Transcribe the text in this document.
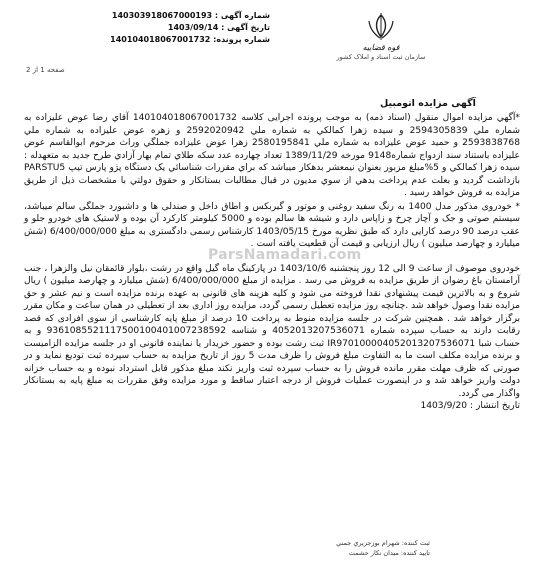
شماره آگهی : 140303918067000193
تاریخ آگهی : 1403/09/14
شماره پرونده: 140104018067001732
قوه قضاییه
سازمان ثبت اسناد و املاک کشور
صفحه 1 از 2
آگهی مزایده اتومبیل
ParsNamadari.com

*آگهي مزايده اموال منقول (اسناد ذمه) به موجب پرونده اجرایی کلاسه 140104018067001732 آقاي رضا عوض عليزاده به شماره ملي 2594305839 و سيده زهرا كمالكي به شماره ملي 2592020942 و زهره عوض عليزاده به شماره ملي 2593838768 و حميد عوض عليزاده به شماره ملي 2580195841 زهرا عوض عليزاده جملگي وراث مرحوم ابوالقاسم عوض عليزاده باستناد سند ازدواج شماره9148 مورخه 1389/11/29 تعداد چهارده عدد سكه طلاي تمام بهار آزادي طرح جديد به متعهدله : سيده زهرا كمالكي و 5%مبلغ مزبور بعنوان نيمعشر بدهكار ميباشد كه براي مقررات شناسائي يک دستگاه پژو پارس تیپ PARSTU5 بازداشت گرديد و بعلت عدم پرداخت بدهي از سوي مديون در قبال مطالبات بستانكار و حقوق دولتي با مشخصات ذيل از طريق مزايده به فروش خواهد رسيد .

* خودروی مذکور مدل 1400 به رنگ سفید روغنی و موتور و گیربکس و اطاق داخل و صندلی ها و داشبورد جملگی سالم میباشد، سیستم صوتی و جک و آچار چرخ و زاپاس دارد و شیشه ها سالم بوده و 5000 کیلومتر کارکرد آن بوده و لاستیک های خودرو جلو و عقب درصد 90 درصد کارایی دارد که طبق نظریه مورخ 1403/05/15 کارشناس رسمی دادگستری به مبلغ 6/400/000/000 (شش میلیارد و چهارصد میلیون ) ریال ارزیابی و قیمت آن قطعیت یافته است .

خودروی موصوف از ساعت 9 الی 12 روز پنجشنبه 1403/10/6 در پارکینگ ماه گیل واقع در رشت ،بلوار قائمقان نیل والزهرا ، جنب آرامستان باغ رضوان از طریق مزایده به فروش می رسد . مزایده از مبلغ 6/400/000/000 (شش میلیارد و چهارصد میلیون ) ریال شروع و به بالاترین قیمت پیشنهادی نقدا فروخته می شود و کلیه هزینه های قانونی به عهده برنده مزایده است و نیم عشر و حق مزایده نقدا وصول خواهد شد .چنانچه روز مزایده تعطیل رسمی گردد، مزایده روز اداری بعد از تعطیلی در همان ساعت و مکان مقرر برگزار خواهد شد . همچنین شرکت در جلسه مزایده منوط به پرداخت 10 درصد از مبلغ پایه کارشناسی از سوی افرادی که قصد رقابت دارند به حساب سپرده شماره 4052013207536071 و شناسه 9361085521117500100401007238592 و به حساب شبا IR970100004052013207536071 ثبت رشت بوده و حضور خریدار یا نماینده قانونی او در جلسه مزایده الزامیست و برنده مزایده مکلف است ما به التفاوت مبلغ فروش را ظرف مدت 5 روز از تاریخ مزایده به حساب سپرده ثبت تودیع نماید و در صورتی که ظرف مهلت مقرر مانده فروش را به حساب سپرده ثبت واریز نکند مبلغ مذکور قابل استرداد نبوده و به حساب خزانه دولت واریز خواهد شد و در اینصورت عملیات فروش از درجه اعتبار ساقط و مورد مزایده وفق مقررات به مبلغ پایه به بستانکار واگذار می گردد.

تاریخ انتشار : 1403/9/20

ثبت کننده: شهرام بوزجزيري جمني
تایید کننده: ميدان نكار حشمت
